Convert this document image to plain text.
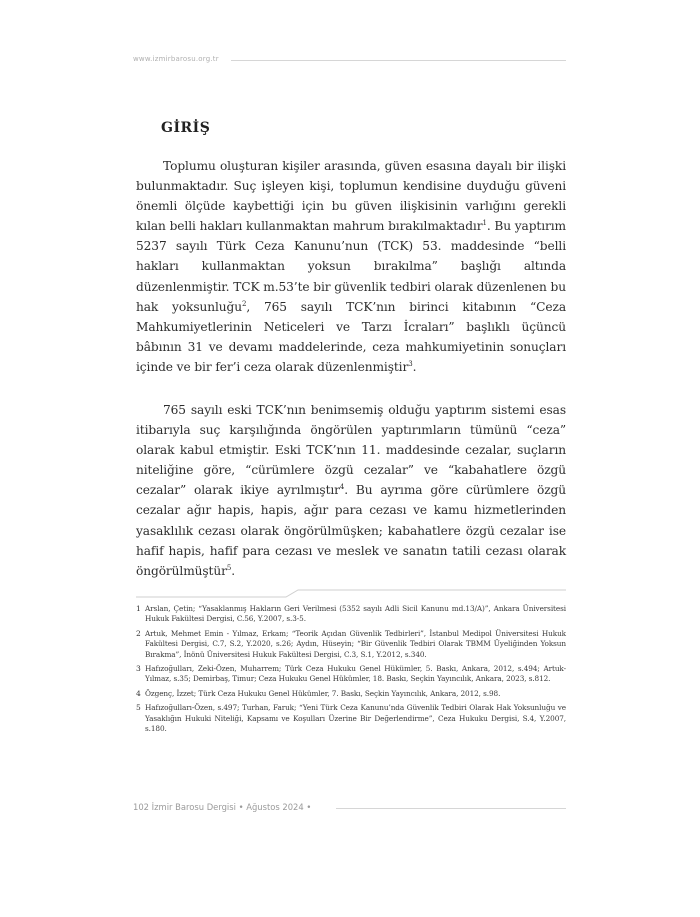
www.izmirbarosu.org.tr
GİRİŞ

Toplumu oluşturan kişiler arasında, güven esasına dayalı bir ilişki bulunmaktadır. Suç işleyen kişi, toplumun kendisine duyduğu güveni önemli ölçüde kaybettiği için bu güven ilişkisinin varlığını gerekli kılan belli hakları kullanmaktan mahrum bırakılmaktadır$^1$. Bu yaptırım 5237 sayılı Türk Ceza Kanunu’nun (TCK) 53. maddesinde “belli hakları kullanmaktan yoksun bırakılma” başlığı altında düzenlenmiştir. TCK m.53’te bir güvenlik tedbiri olarak düzenlenen bu hak yoksunluğu$^2$, 765 sayılı TCK’nın birinci kitabının “Ceza Mahkumiyetlerinin Neticeleri ve Tarzı İcraları” başlıklı üçüncü bâbının 31 ve devamı maddelerinde, ceza mahkumiyetinin sonuçları içinde ve bir fer’i ceza olarak düzenlenmiştir$^3$.

765 sayılı eski TCK’nın benimsemiş olduğu yaptırım sistemi esas itibarıyla suç karşılığında öngörülen yaptırımların tümünü “ceza” olarak kabul etmiştir. Eski TCK’nın 11. maddesinde cezalar, suçların niteliğine göre, “cürümlere özgü cezalar” ve “kabahatlere özgü cezalar” olarak ikiye ayrılmıştır$^4$. Bu ayrıma göre cürümlere özgü cezalar ağır hapis, hapis, ağır para cezası ve kamu hizmetlerinden yasaklılık cezası olarak öngörülmüşken; kabahatlere özgü cezalar ise hafif hapis, hafif para cezası ve meslek ve sanatın tatili cezası olarak öngörülmüştür$^5$.

1 Arslan, Çetin; “Yasaklanmış Hakların Geri Verilmesi (5352 sayılı Adli Sicil Kanunu md.13/A)”, Ankara Üniversitesi Hukuk Fakültesi Dergisi, C.56, Y.2007, s.3-5.
2 Artuk, Mehmet Emin - Yılmaz, Erkam; “Teorik Açıdan Güvenlik Tedbirleri”, İstanbul Medipol Üniversitesi Hukuk Fakültesi Dergisi, C.7, S.2, Y.2020, s.26; Aydın, Hüseyin; “Bir Güvenlik Tedbiri Olarak TBMM Üyeliğinden Yoksun Bırakma”, İnönü Üniversitesi Hukuk Fakültesi Dergisi, C.3, S.1, Y.2012, s.340.
3 Hafızoğulları, Zeki-Özen, Muharrem; Türk Ceza Hukuku Genel Hükümler, 5. Baskı, Ankara, 2012, s.494; Artuk-Yılmaz, s.35; Demirbaş, Timur; Ceza Hukuku Genel Hükümler, 18. Baskı, Seçkin Yayıncılık, Ankara, 2023, s.812.
4 Özgenç, İzzet; Türk Ceza Hukuku Genel Hükümler, 7. Baskı, Seçkin Yayıncılık, Ankara, 2012, s.98.
5 Hafızoğulları-Özen, s.497; Turhan, Faruk; “Yeni Türk Ceza Kanunu’nda Güvenlik Tedbiri Olarak Hak Yoksunluğu ve Yasaklığın Hukuki Niteliği, Kapsamı ve Koşulları Üzerine Bir Değerlendirme”, Ceza Hukuku Dergisi, S.4, Y.2007, s.180.
102 İzmir Barosu Dergisi • Ağustos 2024 •
